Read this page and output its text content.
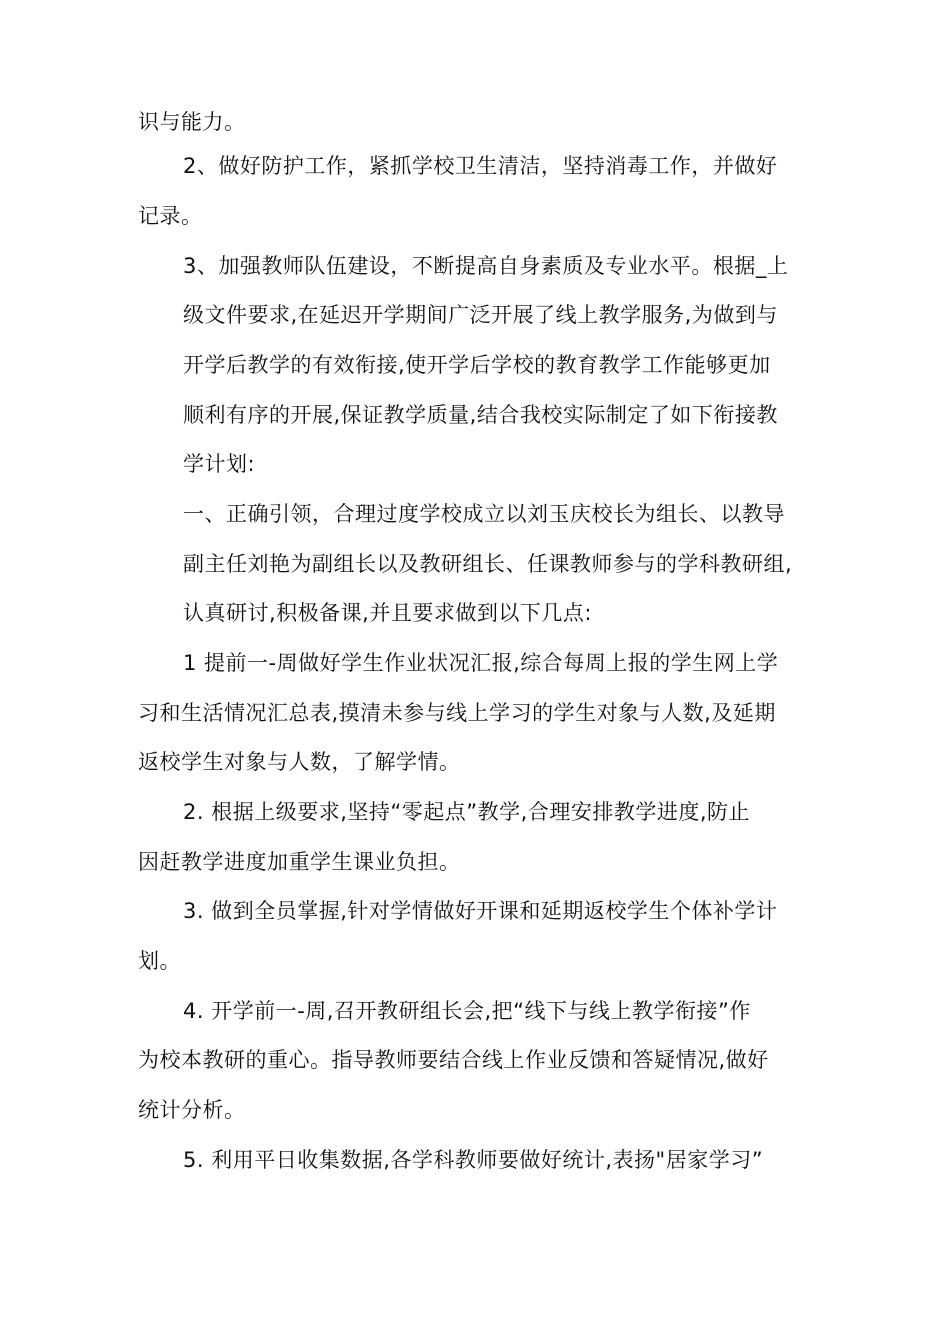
识与能力。

2、做好防护工作，紧抓学校卫生清洁，坚持消毒工作，并做好

记录。

3、加强教师队伍建设，不断提高自身素质及专业水平。根据_上

级文件要求,在延迟开学期间广泛开展了线上教学服务,为做到与

开学后教学的有效衔接,使开学后学校的教育教学工作能够更加

顺利有序的开展,保证教学质量,结合我校实际制定了如下衔接教

学计划:

一、正确引领，合理过度学校成立以刘玉庆校长为组长、以教导

副主任刘艳为副组长以及教研组长、任课教师参与的学科教研组,

认真研讨,积极备课,并且要求做到以下几点:

1 提前一-周做好学生作业状况汇报,综合每周上报的学生网上学

习和生活情况汇总表,摸清未参与线上学习的学生对象与人数,及延期

返校学生对象与人数，了解学情。

2. 根据上级要求,坚持“零起点”教学,合理安排教学进度,防止

因赶教学进度加重学生课业负担。

3. 做到全员掌握,针对学情做好开课和延期返校学生个体补学计

划。

4. 开学前一-周,召开教研组长会,把“线下与线上教学衔接”作

为校本教研的重心。指导教师要结合线上作业反馈和答疑情况,做好

统计分析。

5. 利用平日收集数据,各学科教师要做好统计,表扬"居家学习”
